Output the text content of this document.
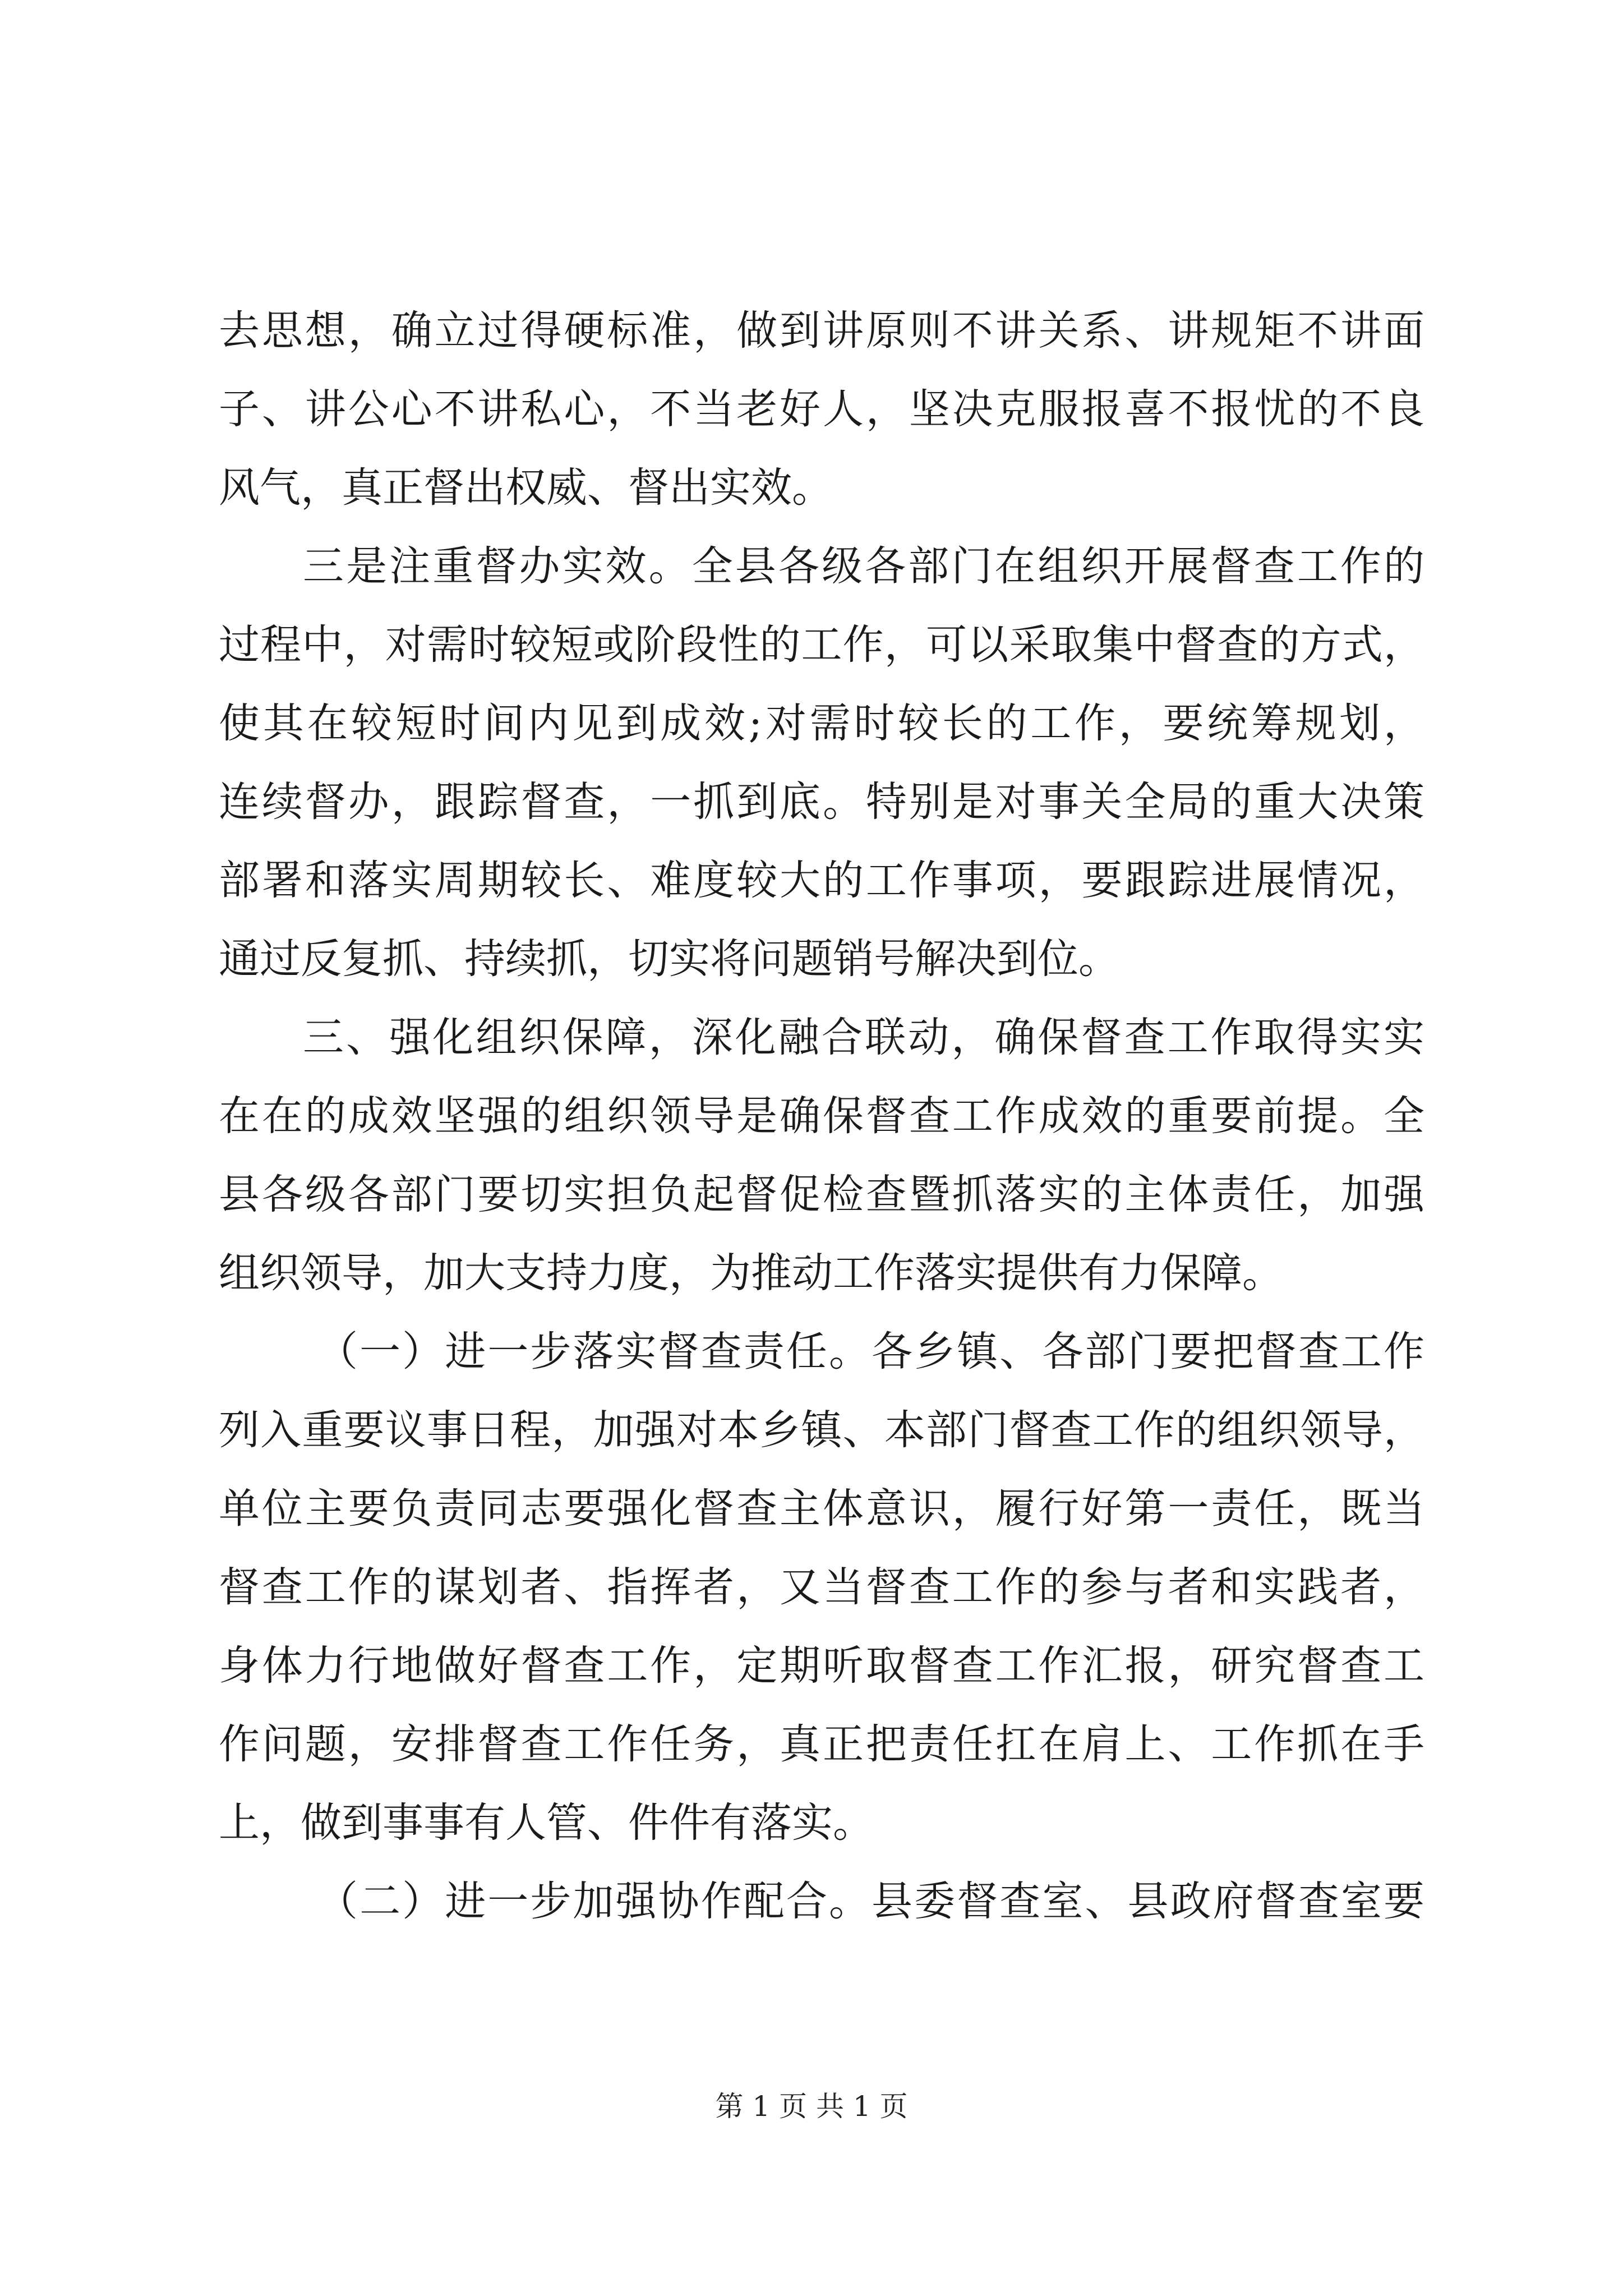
去思想，确立过得硬标准，做到讲原则不讲关系、讲规矩不讲面
子、讲公心不讲私心，不当老好人，坚决克服报喜不报忧的不良
风气，真正督出权威、督出实效。
三是注重督办实效。全县各级各部门在组织开展督查工作的
过程中，对需时较短或阶段性的工作，可以采取集中督查的方式，
使其在较短时间内见到成效;对需时较长的工作，要统筹规划，
连续督办，跟踪督查，一抓到底。特别是对事关全局的重大决策
部署和落实周期较长、难度较大的工作事项，要跟踪进展情况，
通过反复抓、持续抓，切实将问题销号解决到位。
三、强化组织保障，深化融合联动，确保督查工作取得实实
在在的成效坚强的组织领导是确保督查工作成效的重要前提。全
县各级各部门要切实担负起督促检查暨抓落实的主体责任，加强
组织领导，加大支持力度，为推动工作落实提供有力保障。
（一）进一步落实督查责任。各乡镇、各部门要把督查工作
列入重要议事日程，加强对本乡镇、本部门督查工作的组织领导，
单位主要负责同志要强化督查主体意识，履行好第一责任，既当
督查工作的谋划者、指挥者，又当督查工作的参与者和实践者，
身体力行地做好督查工作，定期听取督查工作汇报，研究督查工
作问题，安排督查工作任务，真正把责任扛在肩上、工作抓在手
上，做到事事有人管、件件有落实。
（二）进一步加强协作配合。县委督查室、县政府督查室要
第 1 页 共 1 页
